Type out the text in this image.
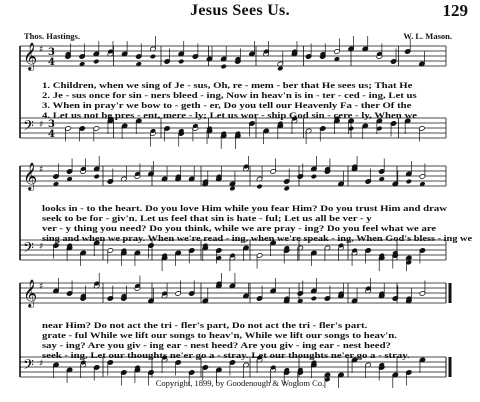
Jesus Sees Us.	129
Thos. Hastings.	W. L. Mason.
𝄞 ♯ 3
4
𝄢 ♯ 3
4
𝄞 ♯
𝄢 ♯
𝄞 ♯
𝄢 ♯
1. Children, when we sing of Je - sus, Oh, re - mem - ber that He sees us; That He
2. Je - sus once for sin - ners bleed - ing, Now in heav'n is in - ter - ced - ing, Let us
3. When in pray'r we bow to - geth - er, Do you tell our Heavenly Fa - ther Of the
4. Let us not be pres - ent, mere - ly; Let us wor - ship God sin - cere - ly, When we
looks in - to the heart. Do you love Him while you fear Him? Do you trust Him and draw
seek to be for - giv'n. Let us feel that sin is hate - ful; Let us all be ver - y
ver - y thing you need? Do you think, while we are pray - ing? Do you feel what we are
sing and when we pray. When we're read - ing, when we're speak - ing, When God's bless - ing we
near Him? Do not act the tri - fler's part, Do not act the tri - fler's part.
grate - ful While we lift our songs to heav'n, While we lift our songs to heav'n.
say - ing? Are you giv - ing ear - nest heed? Are you giv - ing ear - nest heed?
seek - ing, Let our thoughts ne'er go a - stray. Let our thoughts ne'er go a - stray.
Copyright, 1899, by Goodenough & Woglom Co.
